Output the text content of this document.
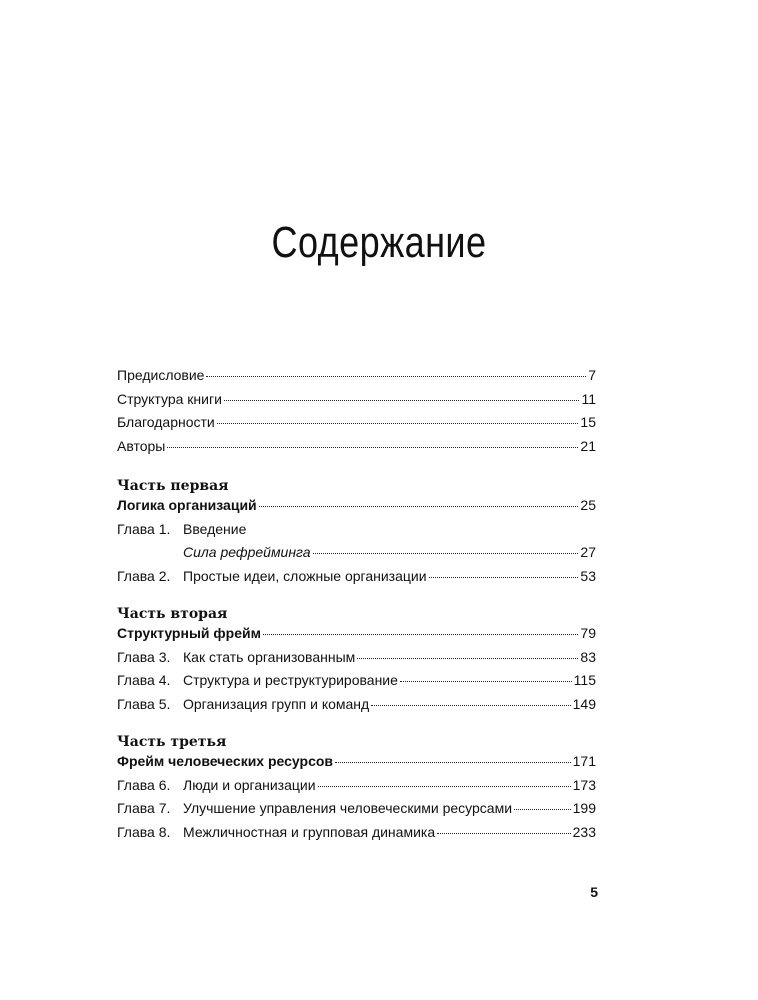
Содержание
Предисловие	7
Структура книги	11
Благодарности	15
Авторы	21
Часть первая
Логика организаций	25
Глава 1. Введение
Сила рефрейминга	27
Глава 2. Простые идеи, сложные организации	53
Часть вторая
Структурный фрейм	79
Глава 3. Как стать организованным	83
Глава 4. Структура и реструктурирование	115
Глава 5. Организация групп и команд	149
Часть третья
Фрейм человеческих ресурсов	171
Глава 6. Люди и организации	173
Глава 7. Улучшение управления человеческими ресурсами	199
Глава 8. Межличностная и групповая динамика	233
5
